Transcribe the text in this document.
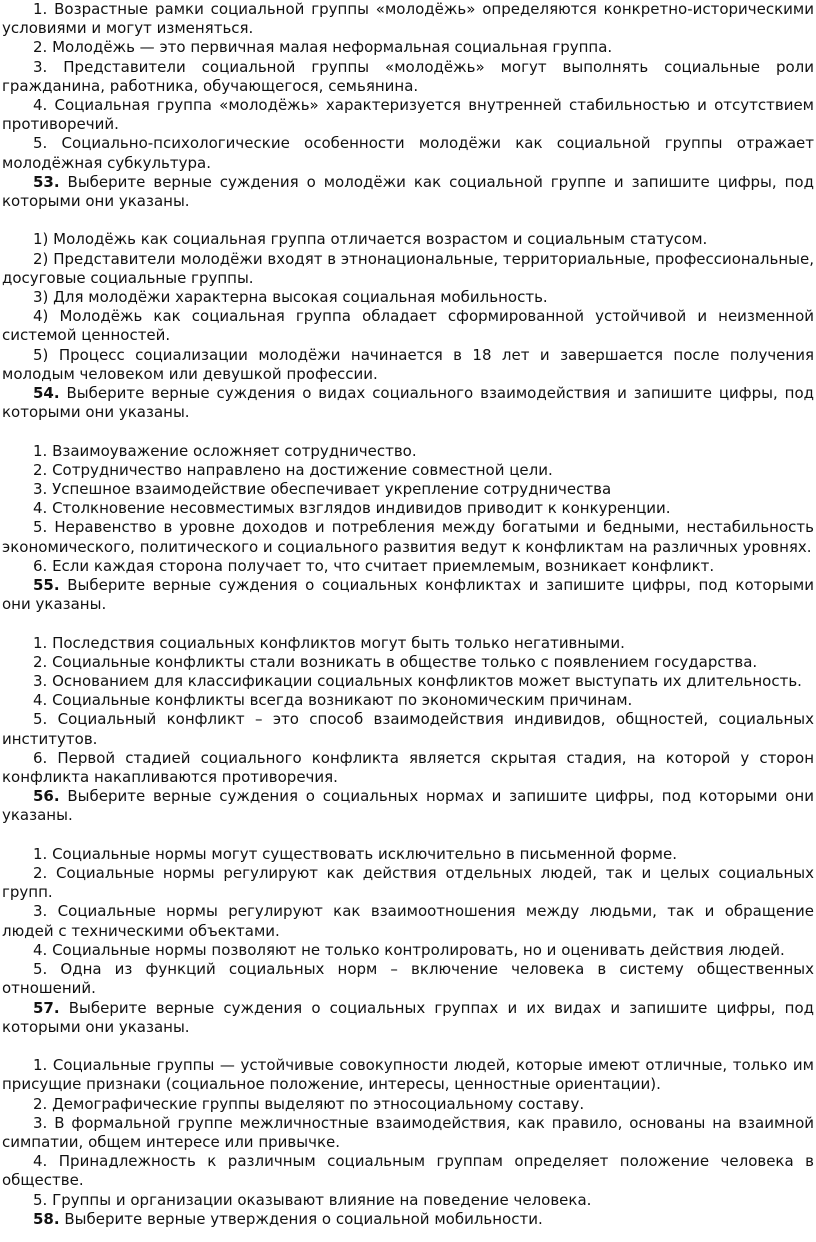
1. Возрастные рамки социальной группы «молодёжь» определяются конкретно-историческими условиями и могут изменяться.

2. Молодёжь — это первичная малая неформальная социальная группа.

3. Представители социальной группы «молодёжь» могут выполнять социальные роли гражданина, работника, обучающегося, семьянина.

4. Социальная группа «молодёжь» характеризуется внутренней стабильностью и отсутствием противоречий.

5. Социально-психологические особенности молодёжи как социальной группы отражает молодёжная субкультура.

53. Выберите верные суждения о молодёжи как социальной группе и запишите цифры, под которыми они указаны.

1) Молодёжь как социальная группа отличается возрастом и социальным статусом.

2) Представители молодёжи входят в этнонациональные, территориальные, профессиональные, досуговые социальные группы.

3) Для молодёжи характерна высокая социальная мобильность.

4) Молодёжь как социальная группа обладает сформированной устойчивой и неизменной системой ценностей.

5) Процесс социализации молодёжи начинается в 18 лет и завершается после получения молодым человеком или девушкой профессии.

54. Выберите верные суждения о видах социального взаимодействия и запишите цифры, под которыми они указаны.

1. Взаимоуважение осложняет сотрудничество.

2. Сотрудничество направлено на достижение совместной цели.

3. Успешное взаимодействие обеспечивает укрепление сотрудничества

4. Столкновение несовместимых взглядов индивидов приводит к конкуренции.

5. Неравенство в уровне доходов и потребления между богатыми и бедными, нестабильность экономического, политического и социального развития ведут к конфликтам на различных уровнях.

6. Если каждая сторона получает то, что считает приемлемым, возникает конфликт.

55. Выберите верные суждения о социальных конфликтах и запишите цифры, под которыми они указаны.

1. Последствия социальных конфликтов могут быть только негативными.

2. Социальные конфликты стали возникать в обществе только с появлением государства.

3. Основанием для классификации социальных конфликтов может выступать их длительность.

4. Социальные конфликты всегда возникают по экономическим причинам.

5. Социальный конфликт – это способ взаимодействия индивидов, общностей, социальных институтов.

6. Первой стадией социального конфликта является скрытая стадия, на которой у сторон конфликта накапливаются противоречия.

56. Выберите верные суждения о социальных нормах и запишите цифры, под которыми они указаны.

1. Социальные нормы могут существовать исключительно в письменной форме.

2. Социальные нормы регулируют как действия отдельных людей, так и целых социальных групп.

3. Социальные нормы регулируют как взаимоотношения между людьми, так и обращение людей с техническими объектами.

4. Социальные нормы позволяют не только контролировать, но и оценивать действия людей.

5. Одна из функций социальных норм – включение человека в систему общественных отношений.

57. Выберите верные суждения о социальных группах и их видах и запишите цифры, под которыми они указаны.

1. Социальные группы — устойчивые совокупности людей, которые имеют отличные, только им присущие признаки (социальное положение, интересы, ценностные ориентации).

2. Демографические группы выделяют по этносоциальному составу.

3. В формальной группе межличностные взаимодействия, как правило, основаны на взаимной симпатии, общем интересе или привычке.

4. Принадлежность к различным социальным группам определяет положение человека в обществе.

5. Группы и организации оказывают влияние на поведение человека.

58. Выберите верные утверждения о социальной мобильности.
